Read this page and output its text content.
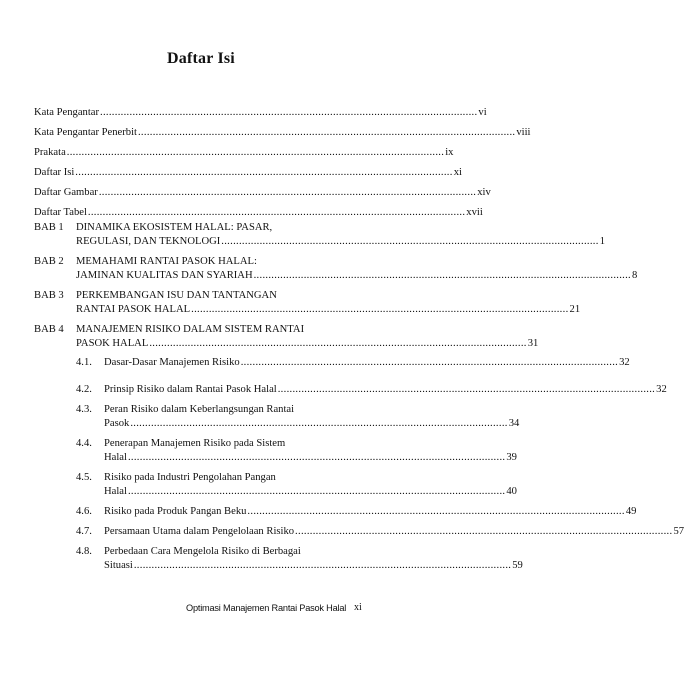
Daftar Isi
Kata Pengantar ................................................................................................................................ vi
Kata Pengantar Penerbit ................................................................................................................................ viii
Prakata ................................................................................................................................ ix
Daftar Isi ................................................................................................................................ xi
Daftar Gambar ................................................................................................................................ xiv
Daftar Tabel ................................................................................................................................ xvii
BAB 1	DINAMIKA EKOSISTEM HALAL: PASAR,
REGULASI, DAN TEKNOLOGI ................................................................................................................................ 1
BAB 2	MEMAHAMI RANTAI PASOK HALAL:
JAMINAN KUALITAS DAN SYARIAH ................................................................................................................................ 8
BAB 3	PERKEMBANGAN ISU DAN TANTANGAN
RANTAI PASOK HALAL ................................................................................................................................ 21
BAB 4	MANAJEMEN RISIKO DALAM SISTEM RANTAI
PASOK HALAL ................................................................................................................................ 31
4.1.	Dasar-Dasar Manajemen Risiko ................................................................................................................................ 32
4.2.	Prinsip Risiko dalam Rantai Pasok Halal ................................................................................................................................ 32
4.3.	Peran Risiko dalam Keberlangsungan Rantai
Pasok ................................................................................................................................ 34
4.4.	Penerapan Manajemen Risiko pada Sistem
Halal ................................................................................................................................ 39
4.5.	Risiko pada Industri Pengolahan Pangan
Halal ................................................................................................................................ 40
4.6.	Risiko pada Produk Pangan Beku ................................................................................................................................ 49
4.7.	Persamaan Utama dalam Pengelolaan Risiko ................................................................................................................................ 57
4.8.	Perbedaan Cara Mengelola Risiko di Berbagai
Situasi ................................................................................................................................ 59
Optimasi Manajemen Rantai Pasok Halal xi
